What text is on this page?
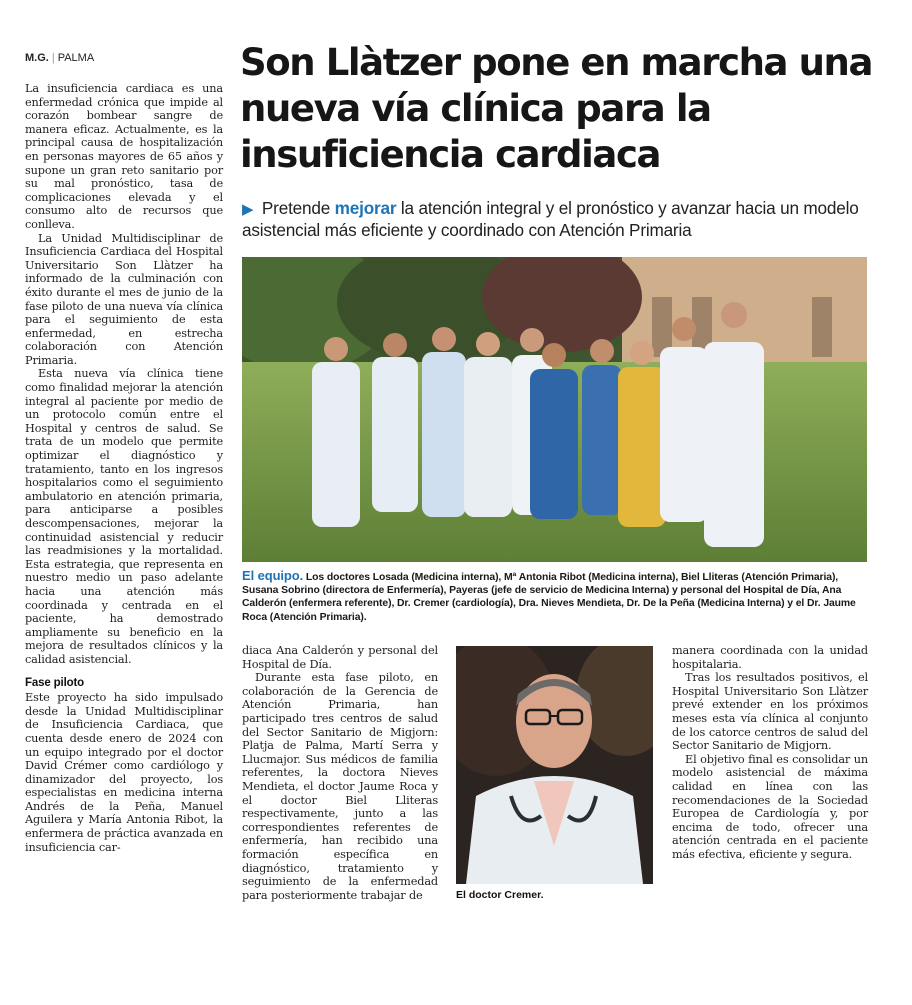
M.G. | PALMA	Son Llàtzer pone en marcha una nueva vía clínica para la insuficiencia cardiaca
▶ Pretende mejorar la atención integral y el pronóstico y avanzar hacia un modelo asistencial más eficiente y coordinado con Atención Primaria

La insuficiencia cardiaca es una enfermedad crónica que impide al corazón bombear sangre de manera eficaz. Actualmente, es la principal causa de hospitalización en personas mayores de 65 años y supone un gran reto sanitario por su mal pronóstico, tasa de complicaciones elevada y el consumo alto de recursos que conlleva.

La Unidad Multidisciplinar de Insuficiencia Cardiaca del Hospital Universitario Son Llàtzer ha informado de la culminación con éxito durante el mes de junio de la fase piloto de una nueva vía clínica para el seguimiento de esta enfermedad, en estrecha colaboración con Atención Primaria.

Esta nueva vía clínica tiene como finalidad mejorar la atención integral al paciente por medio de un protocolo común entre el Hospital y centros de salud. Se trata de un modelo que permite optimizar el diagnóstico y tratamiento, tanto en los ingresos hospitalarios como el seguimiento ambulatorio en atención primaria, para anticiparse a posibles descompensaciones, mejorar la continuidad asistencial y reducir las readmisiones y la mortalidad. Esta estrategia, que representa en nuestro medio un paso adelante hacia una atención más coordinada y centrada en el paciente, ha demostrado ampliamente su beneficio en la mejora de resultados clínicos y la calidad asistencial.

Fase piloto

Este proyecto ha sido impulsado desde la Unidad Multidisciplinar de Insuficiencia Cardiaca, que cuenta desde enero de 2024 con un equipo integrado por el doctor David Crémer como cardiólogo y dinamizador del proyecto, los especialistas en medicina interna Andrés de la Peña, Manuel Aguilera y María Antonia Ribot, la enfermera de práctica avanzada en insuficiencia car-

El equipo. Los doctores Losada (Medicina interna), Mª Antonia Ribot (Medicina interna), Biel Lliteras (Atención Primaria), Susana Sobrino (directora de Enfermería), Payeras (jefe de servicio de Medicina Interna) y personal del Hospital de Día, Ana Calderón (enfermera referente), Dr. Cremer (cardiología), Dra. Nieves Mendieta, Dr. De la Peña (Medicina Interna) y el Dr. Jaume Roca (Atención Primaria).

diaca Ana Calderón y personal del Hospital de Día.

Durante esta fase piloto, en colaboración de la Gerencia de Atención Primaria, han participado tres centros de salud del Sector Sanitario de Migjorn: Platja de Palma, Martí Serra y Llucmajor. Sus médicos de familia referentes, la doctora Nieves Mendieta, el doctor Jaume Roca y el doctor Biel Lliteras respectivamente, junto a las correspondientes referentes de enfermería, han recibido una formación específica en diagnóstico, tratamiento y seguimiento de la enfermedad para posteriormente trabajar de	El doctor Cremer.

manera coordinada con la unidad hospitalaria.

Tras los resultados positivos, el Hospital Universitario Son Llàtzer prevé extender en los próximos meses esta vía clínica al conjunto de los catorce centros de salud del Sector Sanitario de Migjorn.

El objetivo final es consolidar un modelo asistencial de máxima calidad en línea con las recomendaciones de la Sociedad Europea de Cardiología y, por encima de todo, ofrecer una atención centrada en el paciente más efectiva, eficiente y segura.
